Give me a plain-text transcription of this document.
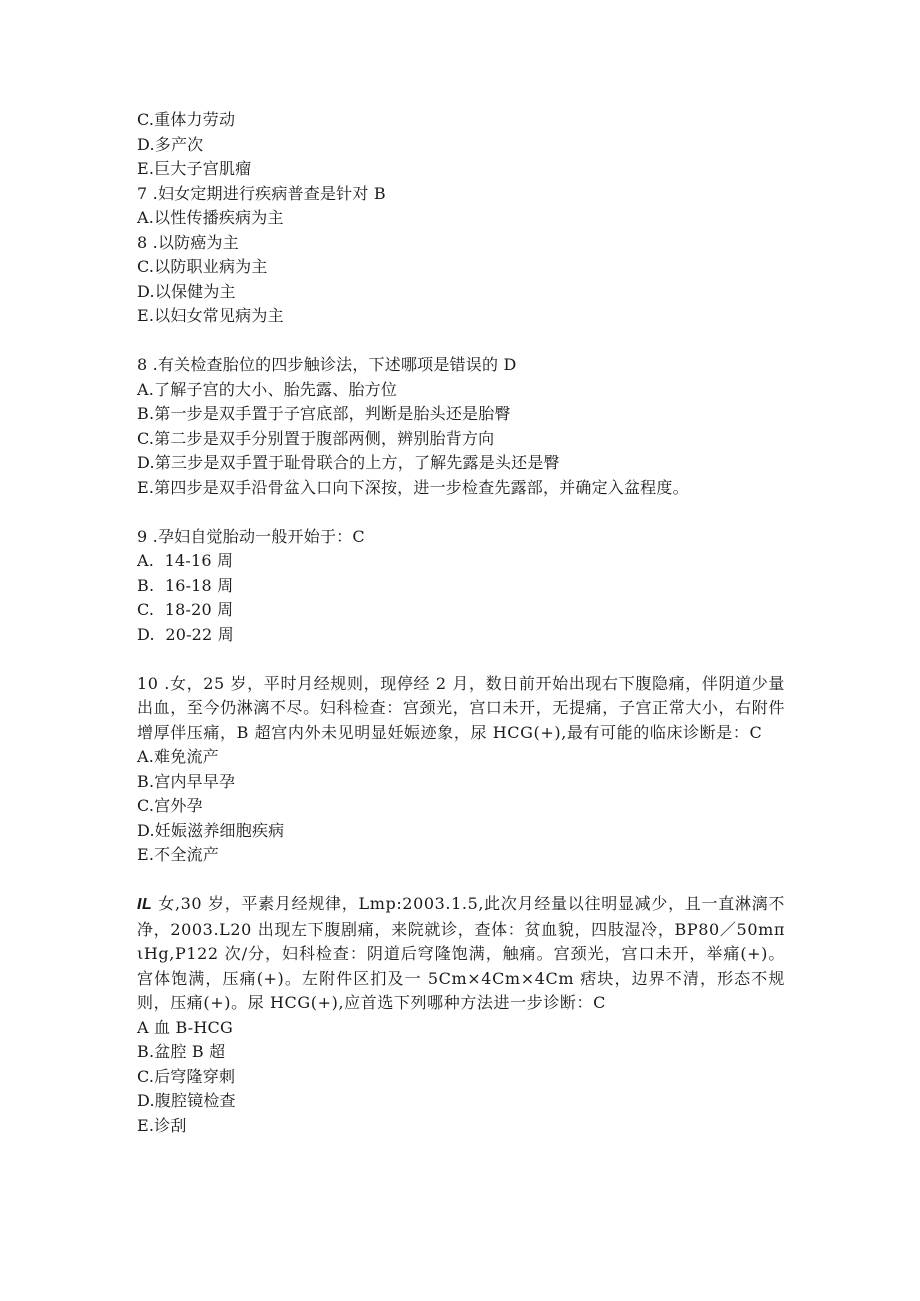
C.重体力劳动
D.多产次
E.巨大子宫肌瘤
7 .妇女定期进行疾病普查是针对 B
A.以性传播疾病为主
8 .以防癌为主
C.以防职业病为主
D.以保健为主
E.以妇女常见病为主
8 .有关检查胎位的四步触诊法，下述哪项是错误的 D
A.了解子宫的大小、胎先露、胎方位
B.第一步是双手置于子宫底部，判断是胎头还是胎臀
C.第二步是双手分别置于腹部两侧，辨别胎背方向
D.第三步是双手置于耻骨联合的上方，了解先露是头还是臀
E.第四步是双手沿骨盆入口向下深按，进一步检查先露部，并确定入盆程度。
9 .孕妇自觉胎动一般开始于：C
A.  14-16 周
B.  16-18 周
C.  18-20 周
D.  20-22 周
10 .女，25 岁，平时月经规则，现停经 2 月，数日前开始出现右下腹隐痛，伴阴道少量出血，至今仍淋漓不尽。妇科检查：宫颈光，宫口未开，无提痛，子宫正常大小，右附件增厚伴压痛，B 超宫内外未见明显妊娠迹象，尿 HCG(+),最有可能的临床诊断是：C
A.难免流产
B.宫内早早孕
C.宫外孕
D.妊娠滋养细胞疾病
E.不全流产
IL 女,30 岁，平素月经规律，Lmp:2003.1.5,此次月经量以往明显减少，且一直淋漓不净，2003.L20 出现左下腹剧痛，来院就诊，查体：贫血貌，四肢湿冷，BP80／50mπ ιHg,P122 次/分，妇科检查：阴道后穹隆饱满，触痛。宫颈光，宫口未开，举痛(+)。宫体饱满，压痛(+)。左附件区扪及一 5Cm×4Cm×4Cm 痞块，边界不清，形态不规则，压痛(+)。尿 HCG(+),应首选下列哪种方法进一步诊断：C
A 血 B-HCG
B.盆腔 B 超
C.后穹隆穿刺
D.腹腔镜检查
E.诊刮
